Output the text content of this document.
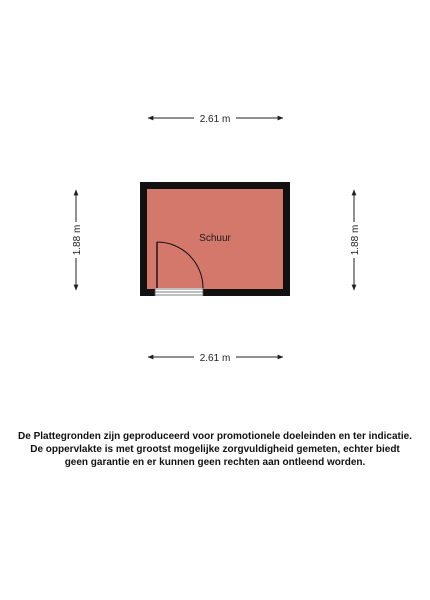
2.61 m
2.61 m
1.88 m	1.88 m
Schuur
De Plattegronden zijn geproduceerd voor promotionele doeleinden en ter indicatie.
De oppervlakte is met grootst mogelijke zorgvuldigheid gemeten, echter biedt
geen garantie en er kunnen geen rechten aan ontleend worden.
